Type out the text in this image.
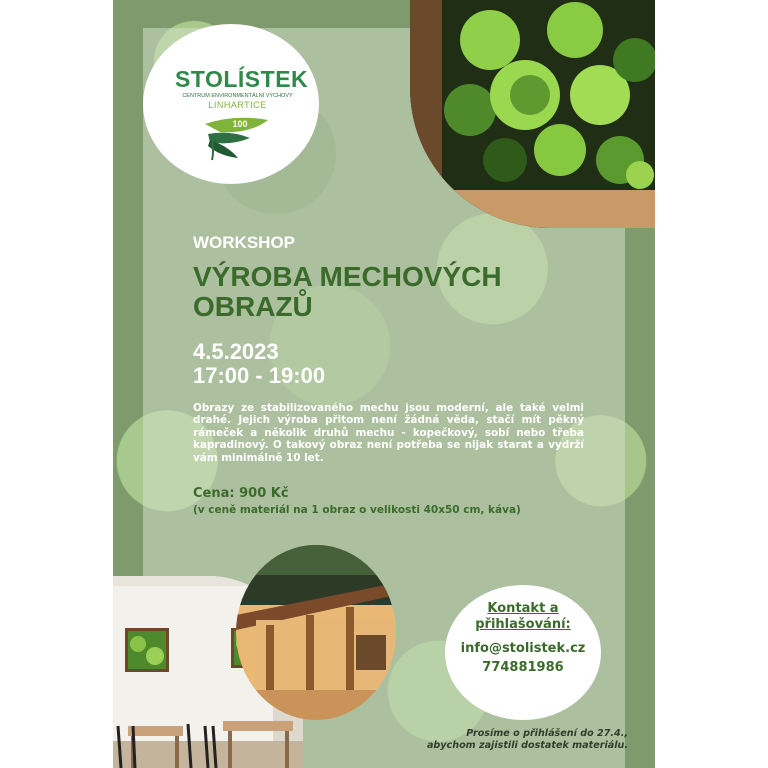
STOLÍSTEK
CENTRUM ENVIRONMENTÁLNÍ VÝCHOVY
LINHARTICE
100
WORKSHOP
VÝROBA MECHOVÝCH
OBRAZŮ
4.5.2023
17:00 - 19:00
Obrazy ze stabilizovaného mechu jsou moderní, ale také velmi drahé. Jejich výroba přitom není žádná věda, stačí mít pěkný rámeček a několik druhů mechu - kopečkový, sobí nebo třeba kapradinový. O takový obraz není potřeba se nijak starat a vydrží vám minimálně 10 let.
Cena: 900 Kč
(v ceně materiál na 1 obraz o velikosti 40x50 cm, káva)
Kontakt a
přihlašování:
info@stolistek.cz
774881986
Prosíme o přihlášení do 27.4.,
abychom zajistili dostatek materiálu.
